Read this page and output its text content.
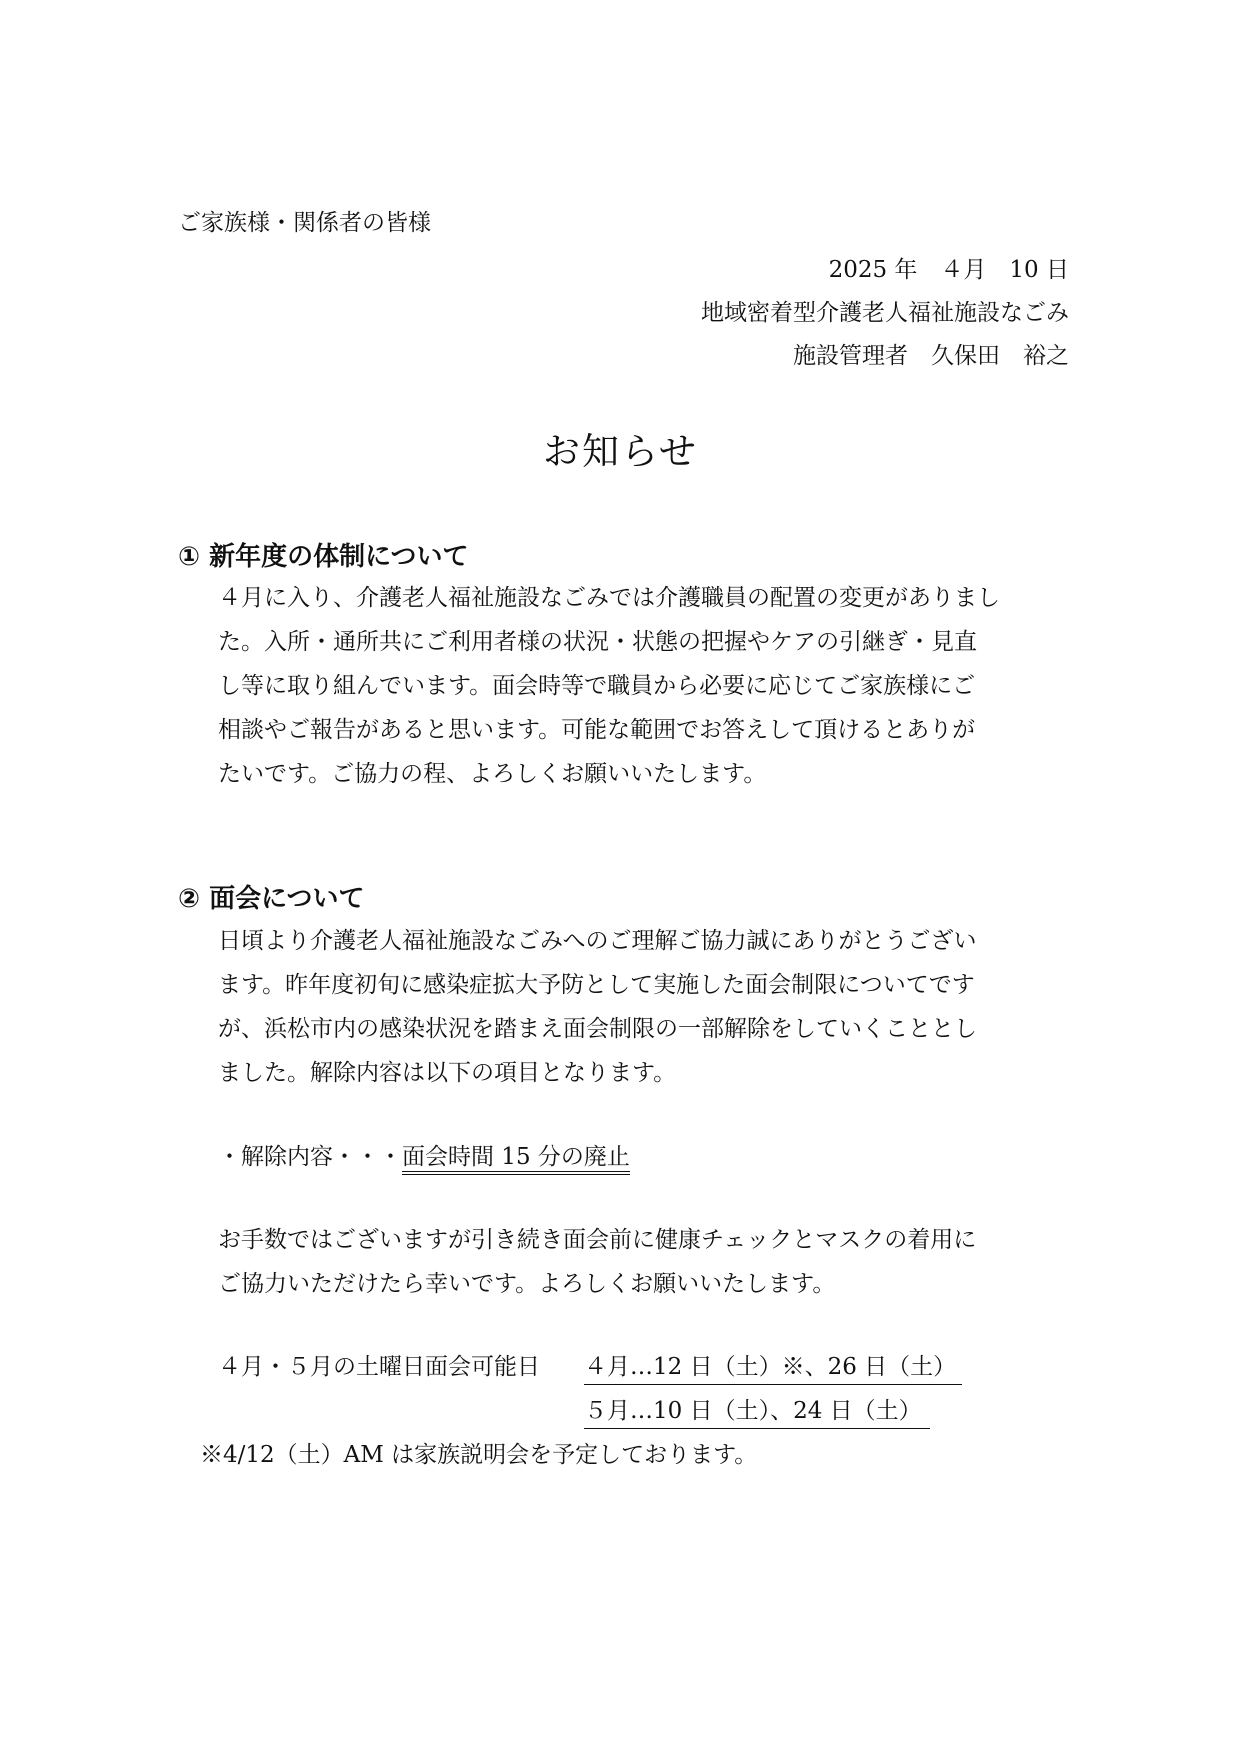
ご家族様・関係者の皆様
2025 年　４月　10 日
地域密着型介護老人福祉施設なごみ
施設管理者　久保田　裕之
お知らせ
① 新年度の体制について
４月に入り、介護老人福祉施設なごみでは介護職員の配置の変更がありまし
た。入所・通所共にご利用者様の状況・状態の把握やケアの引継ぎ・見直
し等に取り組んでいます。面会時等で職員から必要に応じてご家族様にご
相談やご報告があると思います。可能な範囲でお答えして頂けるとありが
たいです。ご協力の程、よろしくお願いいたします。
② 面会について
日頃より介護老人福祉施設なごみへのご理解ご協力誠にありがとうござい
ます。昨年度初旬に感染症拡大予防として実施した面会制限についてです
が、浜松市内の感染状況を踏まえ面会制限の一部解除をしていくこととし
ました。解除内容は以下の項目となります。
・解除内容・・・面会時間 15 分の廃止
お手数ではございますが引き続き面会前に健康チェックとマスクの着用に
ご協力いただけたら幸いです。よろしくお願いいたします。
４月・５月の土曜日面会可能日 ４月…12 日（土）※、26 日（土）
５月…10 日（土）、24 日（土）
※4/12（土）AM は家族説明会を予定しております。
